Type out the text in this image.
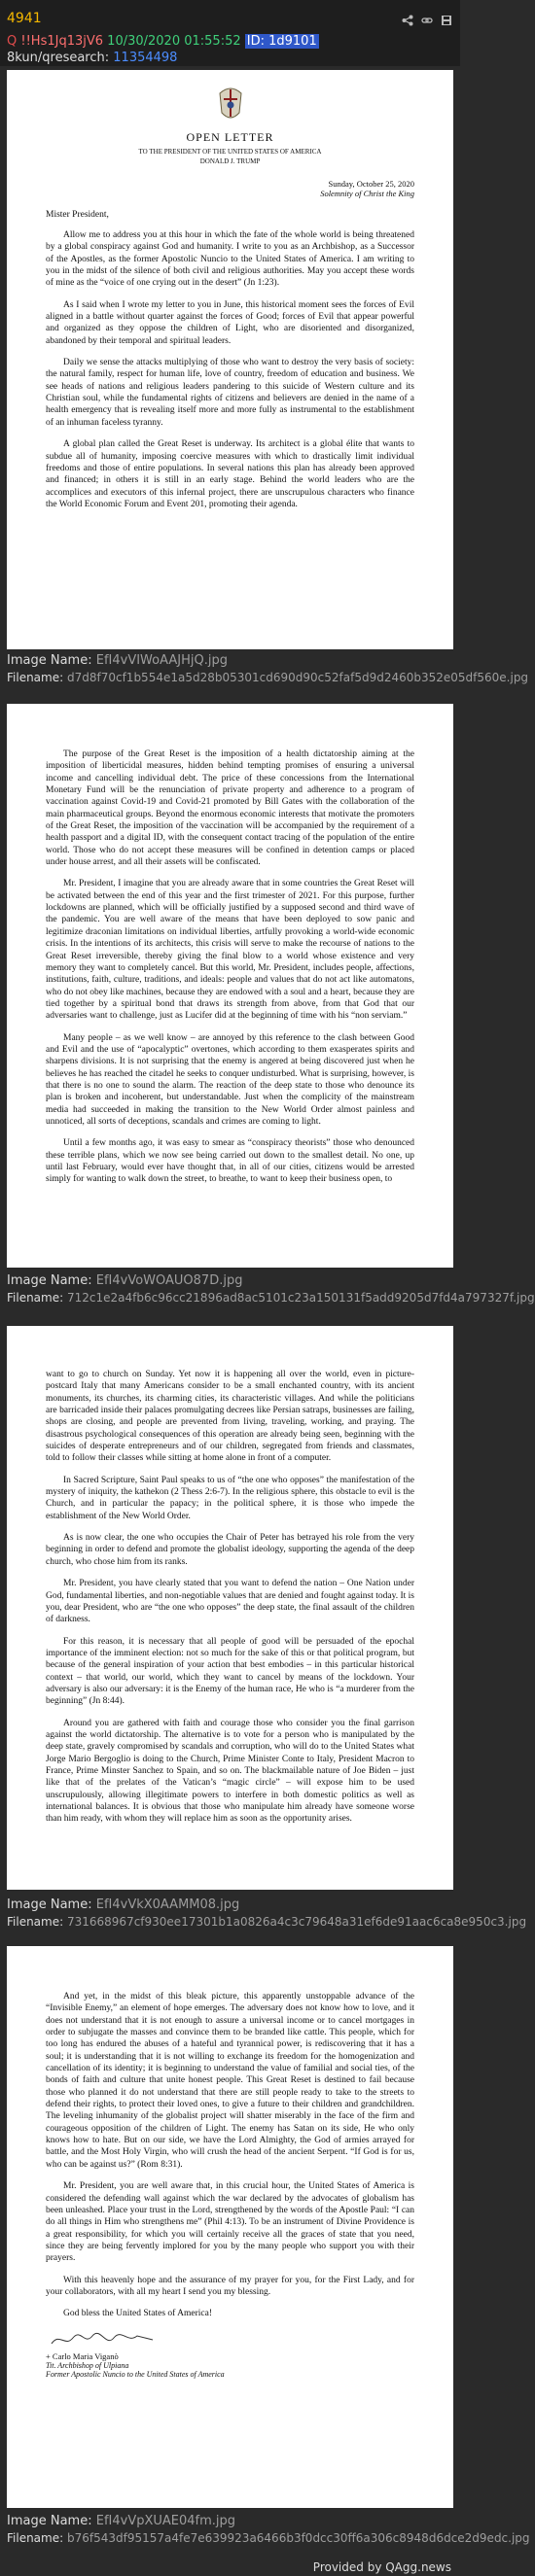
4941
Q !!Hs1Jq13jV6 10/30/2020 01:55:52 ID: 1d9101
8kun/qresearch: 11354498
OPEN LETTER
TO THE PRESIDENT OF THE UNITED STATES OF AMERICA
DONALD J. TRUMP
Sunday, October 25, 2020
Solemnity of Christ the King
Mister President,

Allow me to address you at this hour in which the fate of the whole world is being threatened by a global conspiracy against God and humanity. I write to you as an Archbishop, as a Successor of the Apostles, as the former Apostolic Nuncio to the United States of America. I am writing to you in the midst of the silence of both civil and religious authorities. May you accept these words of mine as the “voice of one crying out in the desert” (Jn 1:23).

As I said when I wrote my letter to you in June, this historical moment sees the forces of Evil aligned in a battle without quarter against the forces of Good; forces of Evil that appear powerful and organized as they oppose the children of Light, who are disoriented and disorganized, abandoned by their temporal and spiritual leaders.

Daily we sense the attacks multiplying of those who want to destroy the very basis of society: the natural family, respect for human life, love of country, freedom of education and business. We see heads of nations and religious leaders pandering to this suicide of Western culture and its Christian soul, while the fundamental rights of citizens and believers are denied in the name of a health emergency that is revealing itself more and more fully as instrumental to the establishment of an inhuman faceless tyranny.

A global plan called the Great Reset is underway. Its architect is a global élite that wants to subdue all of humanity, imposing coercive measures with which to drastically limit individual freedoms and those of entire populations. In several nations this plan has already been approved and financed; in others it is still in an early stage. Behind the world leaders who are the accomplices and executors of this infernal project, there are unscrupulous characters who finance the World Economic Forum and Event 201, promoting their agenda.

Image Name: EfI4vVIWoAAJHjQ.jpg
Filename: d7d8f70cf1b554e1a5d28b05301cd690d90c52faf5d9d2460b352e05df560e.jpg

The purpose of the Great Reset is the imposition of a health dictatorship aiming at the imposition of liberticidal measures, hidden behind tempting promises of ensuring a universal income and cancelling individual debt. The price of these concessions from the International Monetary Fund will be the renunciation of private property and adherence to a program of vaccination against Covid-19 and Covid-21 promoted by Bill Gates with the collaboration of the main pharmaceutical groups. Beyond the enormous economic interests that motivate the promoters of the Great Reset, the imposition of the vaccination will be accompanied by the requirement of a health passport and a digital ID, with the consequent contact tracing of the population of the entire world. Those who do not accept these measures will be confined in detention camps or placed under house arrest, and all their assets will be confiscated.

Mr. President, I imagine that you are already aware that in some countries the Great Reset will be activated between the end of this year and the first trimester of 2021. For this purpose, further lockdowns are planned, which will be officially justified by a supposed second and third wave of the pandemic. You are well aware of the means that have been deployed to sow panic and legitimize draconian limitations on individual liberties, artfully provoking a world-wide economic crisis. In the intentions of its architects, this crisis will serve to make the recourse of nations to the Great Reset irreversible, thereby giving the final blow to a world whose existence and very memory they want to completely cancel. But this world, Mr. President, includes people, affections, institutions, faith, culture, traditions, and ideals: people and values that do not act like automatons, who do not obey like machines, because they are endowed with a soul and a heart, because they are tied together by a spiritual bond that draws its strength from above, from that God that our adversaries want to challenge, just as Lucifer did at the beginning of time with his “non serviam.”

Many people – as we well know – are annoyed by this reference to the clash between Good and Evil and the use of “apocalyptic” overtones, which according to them exasperates spirits and sharpens divisions. It is not surprising that the enemy is angered at being discovered just when he believes he has reached the citadel he seeks to conquer undisturbed. What is surprising, however, is that there is no one to sound the alarm. The reaction of the deep state to those who denounce its plan is broken and incoherent, but understandable. Just when the complicity of the mainstream media had succeeded in making the transition to the New World Order almost painless and unnoticed, all sorts of deceptions, scandals and crimes are coming to light.

Until a few months ago, it was easy to smear as “conspiracy theorists” those who denounced these terrible plans, which we now see being carried out down to the smallest detail. No one, up until last February, would ever have thought that, in all of our cities, citizens would be arrested simply for wanting to walk down the street, to breathe, to want to keep their business open, to

Image Name: EfI4vVoWOAUO87D.jpg
Filename: 712c1e2a4fb6c96cc21896ad8ac5101c23a150131f5add9205d7fd4a797327f.jpg

want to go to church on Sunday. Yet now it is happening all over the world, even in picture-postcard Italy that many Americans consider to be a small enchanted country, with its ancient monuments, its churches, its charming cities, its characteristic villages. And while the politicians are barricaded inside their palaces promulgating decrees like Persian satraps, businesses are failing, shops are closing, and people are prevented from living, traveling, working, and praying. The disastrous psychological consequences of this operation are already being seen, beginning with the suicides of desperate entrepreneurs and of our children, segregated from friends and classmates, told to follow their classes while sitting at home alone in front of a computer.

In Sacred Scripture, Saint Paul speaks to us of “the one who opposes” the manifestation of the mystery of iniquity, the kathekon (2 Thess 2:6-7). In the religious sphere, this obstacle to evil is the Church, and in particular the papacy; in the political sphere, it is those who impede the establishment of the New World Order.

As is now clear, the one who occupies the Chair of Peter has betrayed his role from the very beginning in order to defend and promote the globalist ideology, supporting the agenda of the deep church, who chose him from its ranks.

Mr. President, you have clearly stated that you want to defend the nation – One Nation under God, fundamental liberties, and non-negotiable values that are denied and fought against today. It is you, dear President, who are “the one who opposes” the deep state, the final assault of the children of darkness.

For this reason, it is necessary that all people of good will be persuaded of the epochal importance of the imminent election: not so much for the sake of this or that political program, but because of the general inspiration of your action that best embodies – in this particular historical context – that world, our world, which they want to cancel by means of the lockdown. Your adversary is also our adversary: it is the Enemy of the human race, He who is “a murderer from the beginning” (Jn 8:44).

Around you are gathered with faith and courage those who consider you the final garrison against the world dictatorship. The alternative is to vote for a person who is manipulated by the deep state, gravely compromised by scandals and corruption, who will do to the United States what Jorge Mario Bergoglio is doing to the Church, Prime Minister Conte to Italy, President Macron to France, Prime Minster Sanchez to Spain, and so on. The blackmailable nature of Joe Biden – just like that of the prelates of the Vatican’s “magic circle” – will expose him to be used unscrupulously, allowing illegitimate powers to interfere in both domestic politics as well as international balances. It is obvious that those who manipulate him already have someone worse than him ready, with whom they will replace him as soon as the opportunity arises.

Image Name: EfI4vVkX0AAMM08.jpg
Filename: 731668967cf930ee17301b1a0826a4c3c79648a31ef6de91aac6ca8e950c3.jpg

And yet, in the midst of this bleak picture, this apparently unstoppable advance of the “Invisible Enemy,” an element of hope emerges. The adversary does not know how to love, and it does not understand that it is not enough to assure a universal income or to cancel mortgages in order to subjugate the masses and convince them to be branded like cattle. This people, which for too long has endured the abuses of a hateful and tyrannical power, is rediscovering that it has a soul; it is understanding that it is not willing to exchange its freedom for the homogenization and cancellation of its identity; it is beginning to understand the value of familial and social ties, of the bonds of faith and culture that unite honest people. This Great Reset is destined to fail because those who planned it do not understand that there are still people ready to take to the streets to defend their rights, to protect their loved ones, to give a future to their children and grandchildren. The leveling inhumanity of the globalist project will shatter miserably in the face of the firm and courageous opposition of the children of Light. The enemy has Satan on its side, He who only knows how to hate. But on our side, we have the Lord Almighty, the God of armies arrayed for battle, and the Most Holy Virgin, who will crush the head of the ancient Serpent. “If God is for us, who can be against us?” (Rom 8:31).

Mr. President, you are well aware that, in this crucial hour, the United States of America is considered the defending wall against which the war declared by the advocates of globalism has been unleashed. Place your trust in the Lord, strengthened by the words of the Apostle Paul: “I can do all things in Him who strengthens me” (Phil 4:13). To be an instrument of Divine Providence is a great responsibility, for which you will certainly receive all the graces of state that you need, since they are being fervently implored for you by the many people who support you with their prayers.

With this heavenly hope and the assurance of my prayer for you, for the First Lady, and for your collaborators, with all my heart I send you my blessing.

God bless the United States of America!

+ Carlo Maria Viganò
Tit. Archbishop of Ulpiana
Former Apostolic Nuncio to the United States of America
Image Name: EfI4vVpXUAE04fm.jpg
Filename: b76f543df95157a4fe7e639923a6466b3f0dcc30ff6a306c8948d6dce2d9edc.jpg
Provided by QAgg.news
